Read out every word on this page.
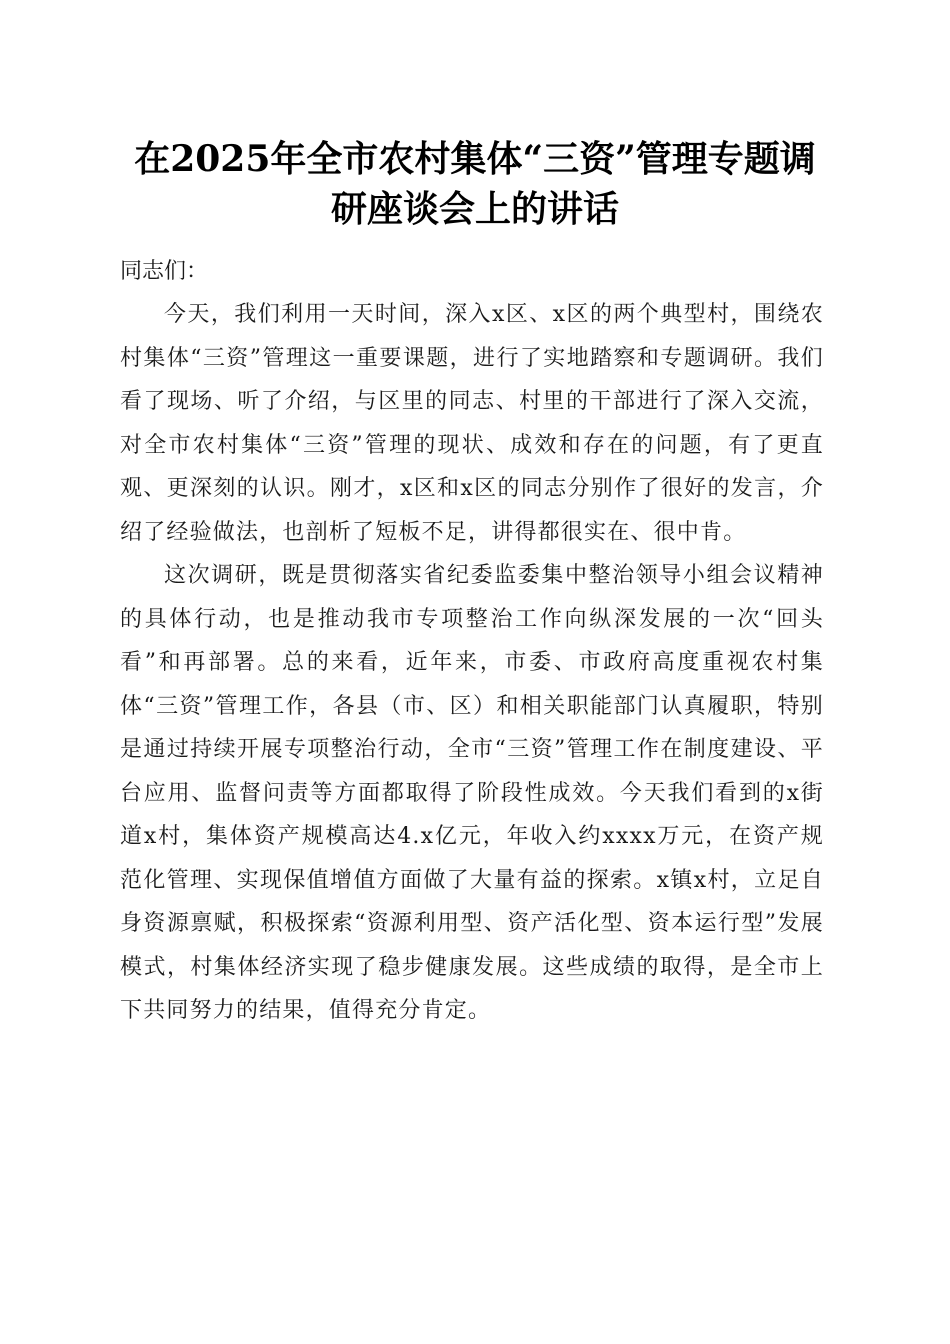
在2025年全市农村集体“三资”管理专题调
研座谈会上的讲话

同志们：

今天，我们利用一天时间，深入x区、x区的两个典型村，围绕农村集体“三资”管理这一重要课题，进行了实地踏察和专题调研。我们看了现场、听了介绍，与区里的同志、村里的干部进行了深入交流，对全市农村集体“三资”管理的现状、成效和存在的问题，有了更直观、更深刻的认识。刚才，x区和x区的同志分别作了很好的发言，介绍了经验做法，也剖析了短板不足，讲得都很实在、很中肯。

这次调研，既是贯彻落实省纪委监委集中整治领导小组会议精神的具体行动，也是推动我市专项整治工作向纵深发展的一次“回头看”和再部署。总的来看，近年来，市委、市政府高度重视农村集体“三资”管理工作，各县（市、区）和相关职能部门认真履职，特别是通过持续开展专项整治行动，全市“三资”管理工作在制度建设、平台应用、监督问责等方面都取得了阶段性成效。今天我们看到的x街道x村，集体资产规模高达4.x亿元，年收入约xxxx万元，在资产规范化管理、实现保值增值方面做了大量有益的探索。x镇x村，立足自身资源禀赋，积极探索“资源利用型、资产活化型、资本运行型”发展模式，村集体经济实现了稳步健康发展。这些成绩的取得，是全市上下共同努力的结果，值得充分肯定。
